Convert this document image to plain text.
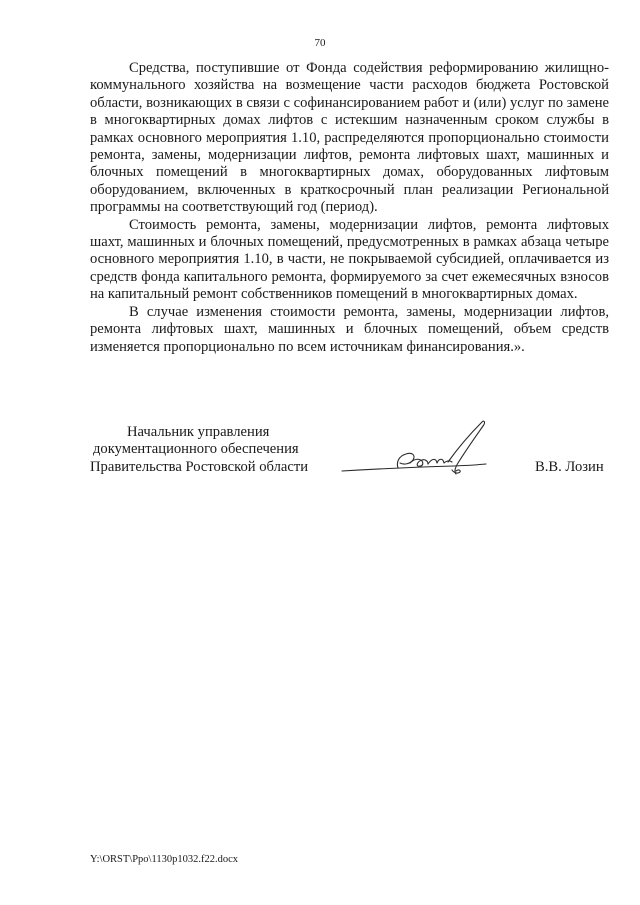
70

Средства, поступившие от Фонда содействия реформированию жилищно-коммунального хозяйства на возмещение части расходов бюджета Ростовской области, возникающих в связи с софинансированием работ и (или) услуг по замене в многоквартирных домах лифтов с истекшим назначенным сроком службы в рамках основного мероприятия 1.10, распределяются пропорционально стоимости ремонта, замены, модернизации лифтов, ремонта лифтовых шахт, машинных и блочных помещений в многоквартирных домах, оборудованных лифтовым оборудованием, включенных в краткосрочный план реализации Региональной программы на соответствующий год (период).

Стоимость ремонта, замены, модернизации лифтов, ремонта лифтовых шахт, машинных и блочных помещений, предусмотренных в рамках абзаца четыре основного мероприятия 1.10, в части, не покрываемой субсидией, оплачивается из средств фонда капитального ремонта, формируемого за счет ежемесячных взносов на капитальный ремонт собственников помещений в многоквартирных домах.

В случае изменения стоимости ремонта, замены, модернизации лифтов, ремонта лифтовых шахт, машинных и блочных помещений, объем средств изменяется пропорционально по всем источникам финансирования.».

Начальник управления
документационного обеспечения
Правительства Ростовской области	В.В. Лозин
Y:\ORST\Ppo\1130p1032.f22.docx
